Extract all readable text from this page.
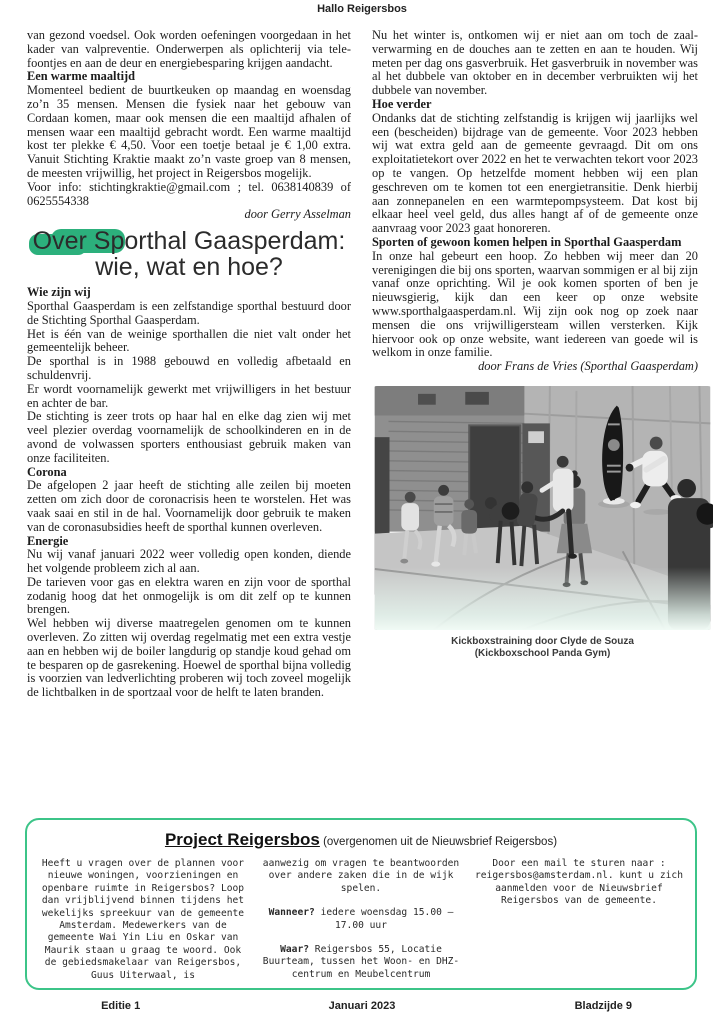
Hallo Reigersbos

van gezond voedsel. Ook worden oefeningen voorgedaan in het kader van valpreventie. Onderwerpen als oplichterij via telefoontjes en aan de deur en energiebesparing krijgen aandacht.

Een warme maaltijd

Momenteel bedient de buurtkeuken op maandag en woensdag zo’n 35 mensen. Mensen die fysiek naar het gebouw van Cordaan komen, maar ook mensen die een maaltijd afhalen of mensen waar een maaltijd gebracht wordt. Een warme maaltijd kost ter plekke € 4,50. Voor een toetje betaal je € 1,00 extra. Vanuit Stichting Kraktie maakt zo’n vaste groep van 8 mensen, de meesten vrijwillig, het project in Reigersbos mogelijk.

Voor info: stichtingkraktie@gmail.com ; tel. 0638140839 of 0625554338

door Gerry Asselman

Over Sporthal Gaasperdam:
wie, wat en hoe?

Wie zijn wij

Sporthal Gaasperdam is een zelfstandige sporthal bestuurd door de Stichting Sporthal Gaasperdam.

Het is één van de weinige sporthallen die niet valt onder het gemeentelijk beheer.

De sporthal is in 1988 gebouwd en volledig afbetaald en schuldenvrij.

Er wordt voornamelijk gewerkt met vrijwilligers in het bestuur en achter de bar.

De stichting is zeer trots op haar hal en elke dag zien wij met veel plezier overdag voornamelijk de schoolkinderen en in de avond de volwassen sporters enthousiast gebruik maken van onze faciliteiten.

Corona

De afgelopen 2 jaar heeft de stichting alle zeilen bij moeten zetten om zich door de coronacrisis heen te worstelen. Het was vaak saai en stil in de hal. Voornamelijk door gebruik te maken van de coronasubsidies heeft de sporthal kunnen overleven.

Energie

Nu wij vanaf januari 2022 weer volledig open konden, diende het volgende probleem zich al aan.

De tarieven voor gas en elektra waren en zijn voor de sporthal zodanig hoog dat het onmogelijk is om dit zelf op te kunnen brengen.

Wel hebben wij diverse maatregelen genomen om te kunnen overleven. Zo zitten wij overdag regelmatig met een extra vestje aan en hebben wij de boiler langdurig op standje koud gehad om te besparen op de gasrekening. Hoewel de sporthal bijna volledig is voorzien van ledverlichting proberen wij toch zoveel mogelijk de lichtbalken in de sportzaal voor de helft te laten branden.

Nu het winter is, ontkomen wij er niet aan om toch de zaalverwarming en de douches aan te zetten en aan te houden. Wij meten per dag ons gasverbruik. Het gasverbruik in november was al het dubbele van oktober en in december verbruikten wij het dubbele van november.

Hoe verder

Ondanks dat de stichting zelfstandig is krijgen wij jaarlijks wel een (bescheiden) bijdrage van de gemeente. Voor 2023 hebben wij wat extra geld aan de gemeente gevraagd. Dit om ons exploitatietekort over 2022 en het te verwachten tekort voor 2023 op te vangen. Op hetzelfde moment hebben wij een plan geschreven om te komen tot een energietransitie. Denk hierbij aan zonnepanelen en een warmtepompsysteem. Dat kost bij elkaar heel veel geld, dus alles hangt af of de gemeente onze aanvraag voor 2023 gaat honoreren.

Sporten of gewoon komen helpen in Sporthal Gaasperdam

In onze hal gebeurt een hoop. Zo hebben wij meer dan 20 verenigingen die bij ons sporten, waarvan sommigen er al bij zijn vanaf onze oprichting. Wil je ook komen sporten of ben je nieuwsgierig, kijk dan een keer op onze website www.sporthalgaasperdam.nl. Wij zijn ook nog op zoek naar mensen die ons vrijwilligersteam willen versterken. Kijk hiervoor ook op onze website, want iedereen van goede wil is welkom in onze familie.

door Frans de Vries (Sporthal Gaasperdam)

Kickboxstraining door Clyde de Souza
(Kickboxschool Panda Gym)
Project Reigersbos (overgenomen uit de Nieuwsbrief Reigersbos)

Heeft u vragen over de plannen voor nieuwe woningen, voorzieningen en openbare ruimte in Reigersbos? Loop dan vrijblijvend binnen tijdens het wekelijks spreekuur van de gemeente Amsterdam. Medewerkers van de gemeente Wai Yin Liu en Oskar van Maurik staan u graag te woord. Ook de gebiedsmakelaar van Reigersbos, Guus Uiterwaal, is

aanwezig om vragen te beantwoorden over andere zaken die in de wijk spelen.

Wanneer? iedere woensdag 15.00 – 17.00 uur

Waar? Reigersbos 55, Locatie Buurteam, tussen het Woon- en DHZ-centrum en Meubelcentrum

Door een mail te sturen naar : reigersbos@amsterdam.nl. kunt u zich aanmelden voor de Nieuwsbrief Reigersbos van de gemeente.

Editie 1	Januari 2023	Bladzijde 9
